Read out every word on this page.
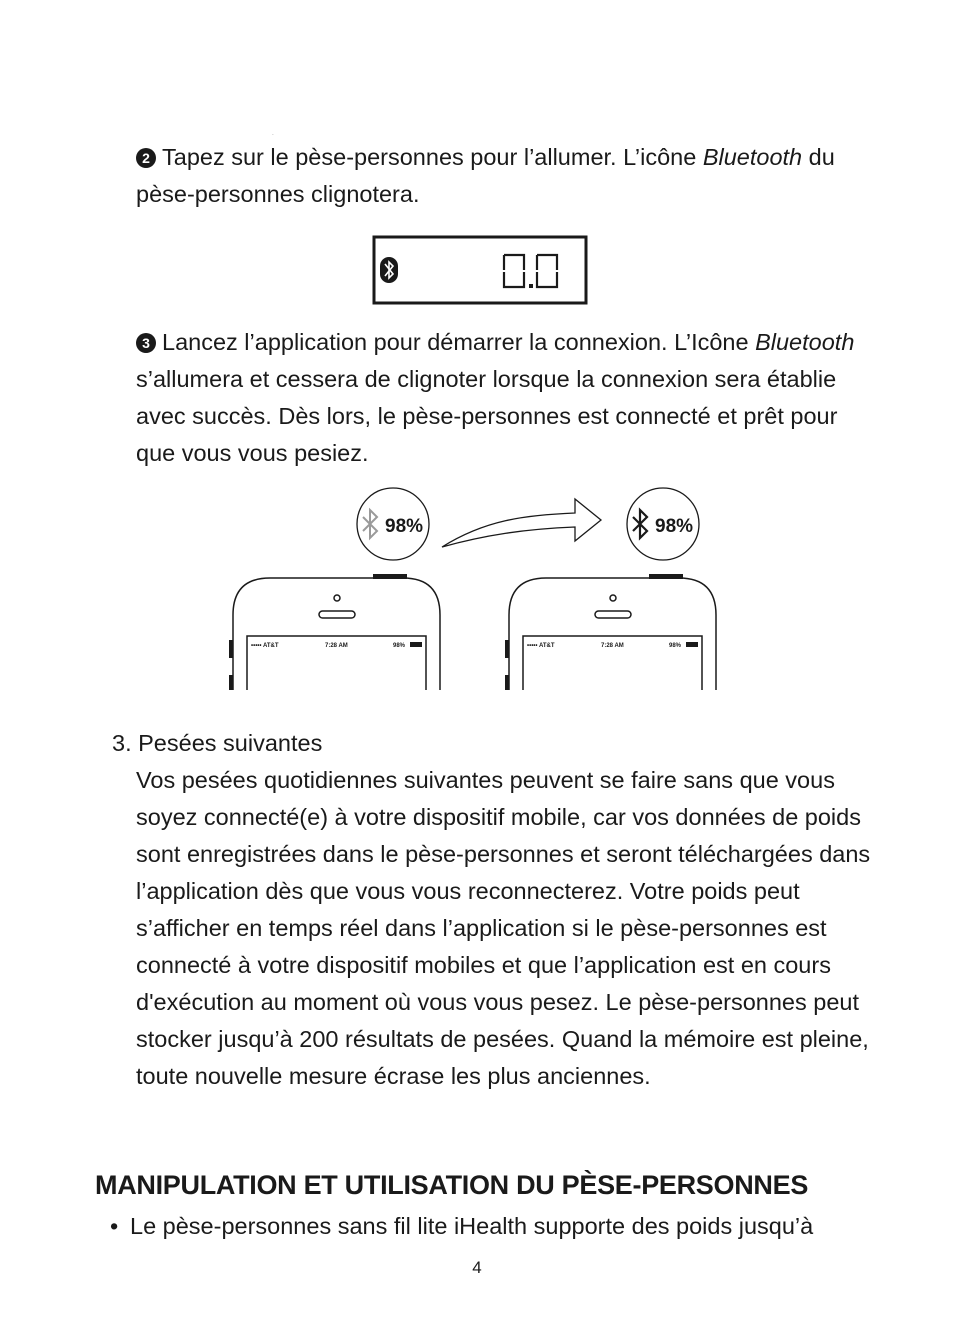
2 Tapez sur le pèse-personnes pour l’allumer. L’icône Bluetooth du pèse-personnes clignotera.

0.0

3 Lancez l’application pour démarrer la connexion. L’Icône Bluetooth s’allumera et cessera de clignoter lorsque la connexion sera établie avec succès. Dès lors, le pèse-personnes est connecté et prêt pour que vous vous pesiez.

98%	98%
••••• AT&T	7:28 AM	98%	••••• AT&T	7:28 AM	98%
3. Pesées suivantes

Vos pesées quotidiennes suivantes peuvent se faire sans que vous soyez connecté(e) à votre dispositif mobile, car vos données de poids sont enregistrées dans le pèse-personnes et seront téléchargées dans l’application dès que vous vous reconnecterez. Votre poids peut s’afficher en temps réel dans l’application si le pèse-personnes est connecté à votre dispositif mobiles et que l’application est en cours d'exécution au moment où vous vous pesez. Le pèse-personnes peut stocker jusqu’à 200 résultats de pesées. Quand la mémoire est pleine, toute nouvelle mesure écrase les plus anciennes.

MANIPULATION ET UTILISATION DU PÈSE-PERSONNES

• Le pèse-personnes sans fil lite iHealth supporte des poids jusqu’à

4
